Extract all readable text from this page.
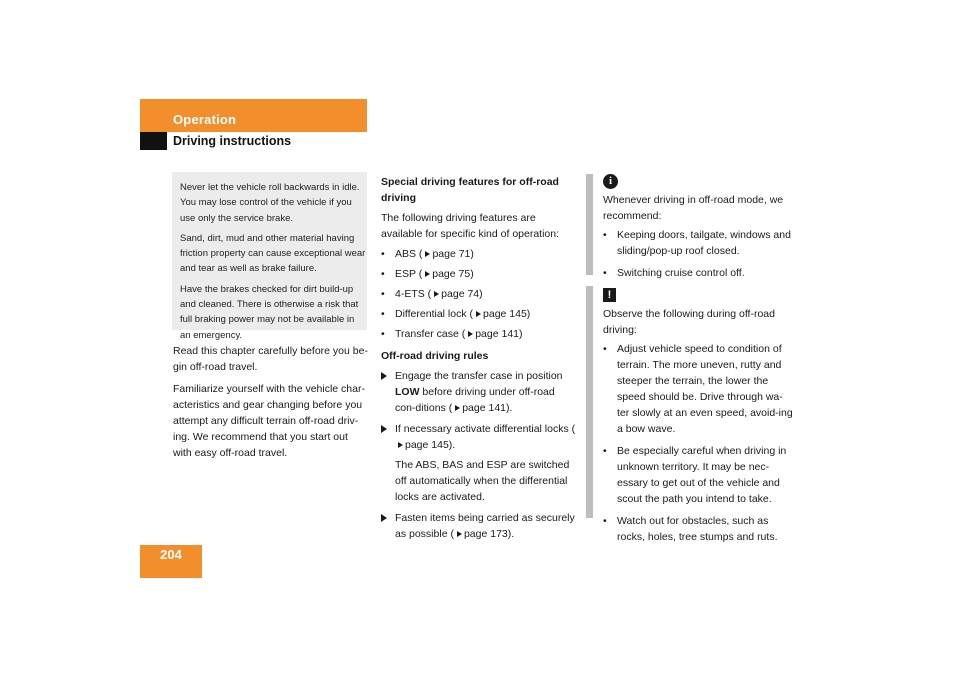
Operation
Driving instructions

Never let the vehicle roll backwards in idle. You may lose control of the vehicle if you use only the service brake.

Sand, dirt, mud and other material having friction property can cause exceptional wear and tear as well as brake failure.

Have the brakes checked for dirt build-up and cleaned. There is otherwise a risk that full braking power may not be available in an emergency.

Read this chapter carefully before you be-gin off-road travel.

Familiarize yourself with the vehicle char-acteristics and gear changing before you attempt any difficult terrain off-road driv-ing. We recommend that you start out with easy off-road travel.

Special driving features for off-road driving

The following driving features are available for specific kind of operation:

• ABS ( page 71)
• ESP ( page 75)
• 4-ETS ( page 74)
• Differential lock ( page 145)
• Transfer case ( page 141)
Off-road driving rules
Engage the transfer case in position LOW before driving under off-road con-ditions ( page 141).
If necessary activate differential locks (page 145).
The ABS, BAS and ESP are switched off automatically when the differential locks are activated.
Fasten items being carried as securely as possible ( page 173).
i
!

Whenever driving in off-road mode, we recommend:

• Keeping doors, tailgate, windows and sliding/pop-up roof closed.
• Switching cruise control off.

Observe the following during off-road driving:

• Adjust vehicle speed to condition of terrain. The more uneven, rutty and steeper the terrain, the lower the speed should be. Drive through wa-ter slowly at an even speed, avoid-ing a bow wave.
• Be especially careful when driving in unknown territory. It may be nec-essary to get out of the vehicle and scout the path you intend to take.
• Watch out for obstacles, such as rocks, holes, tree stumps and ruts.
204
